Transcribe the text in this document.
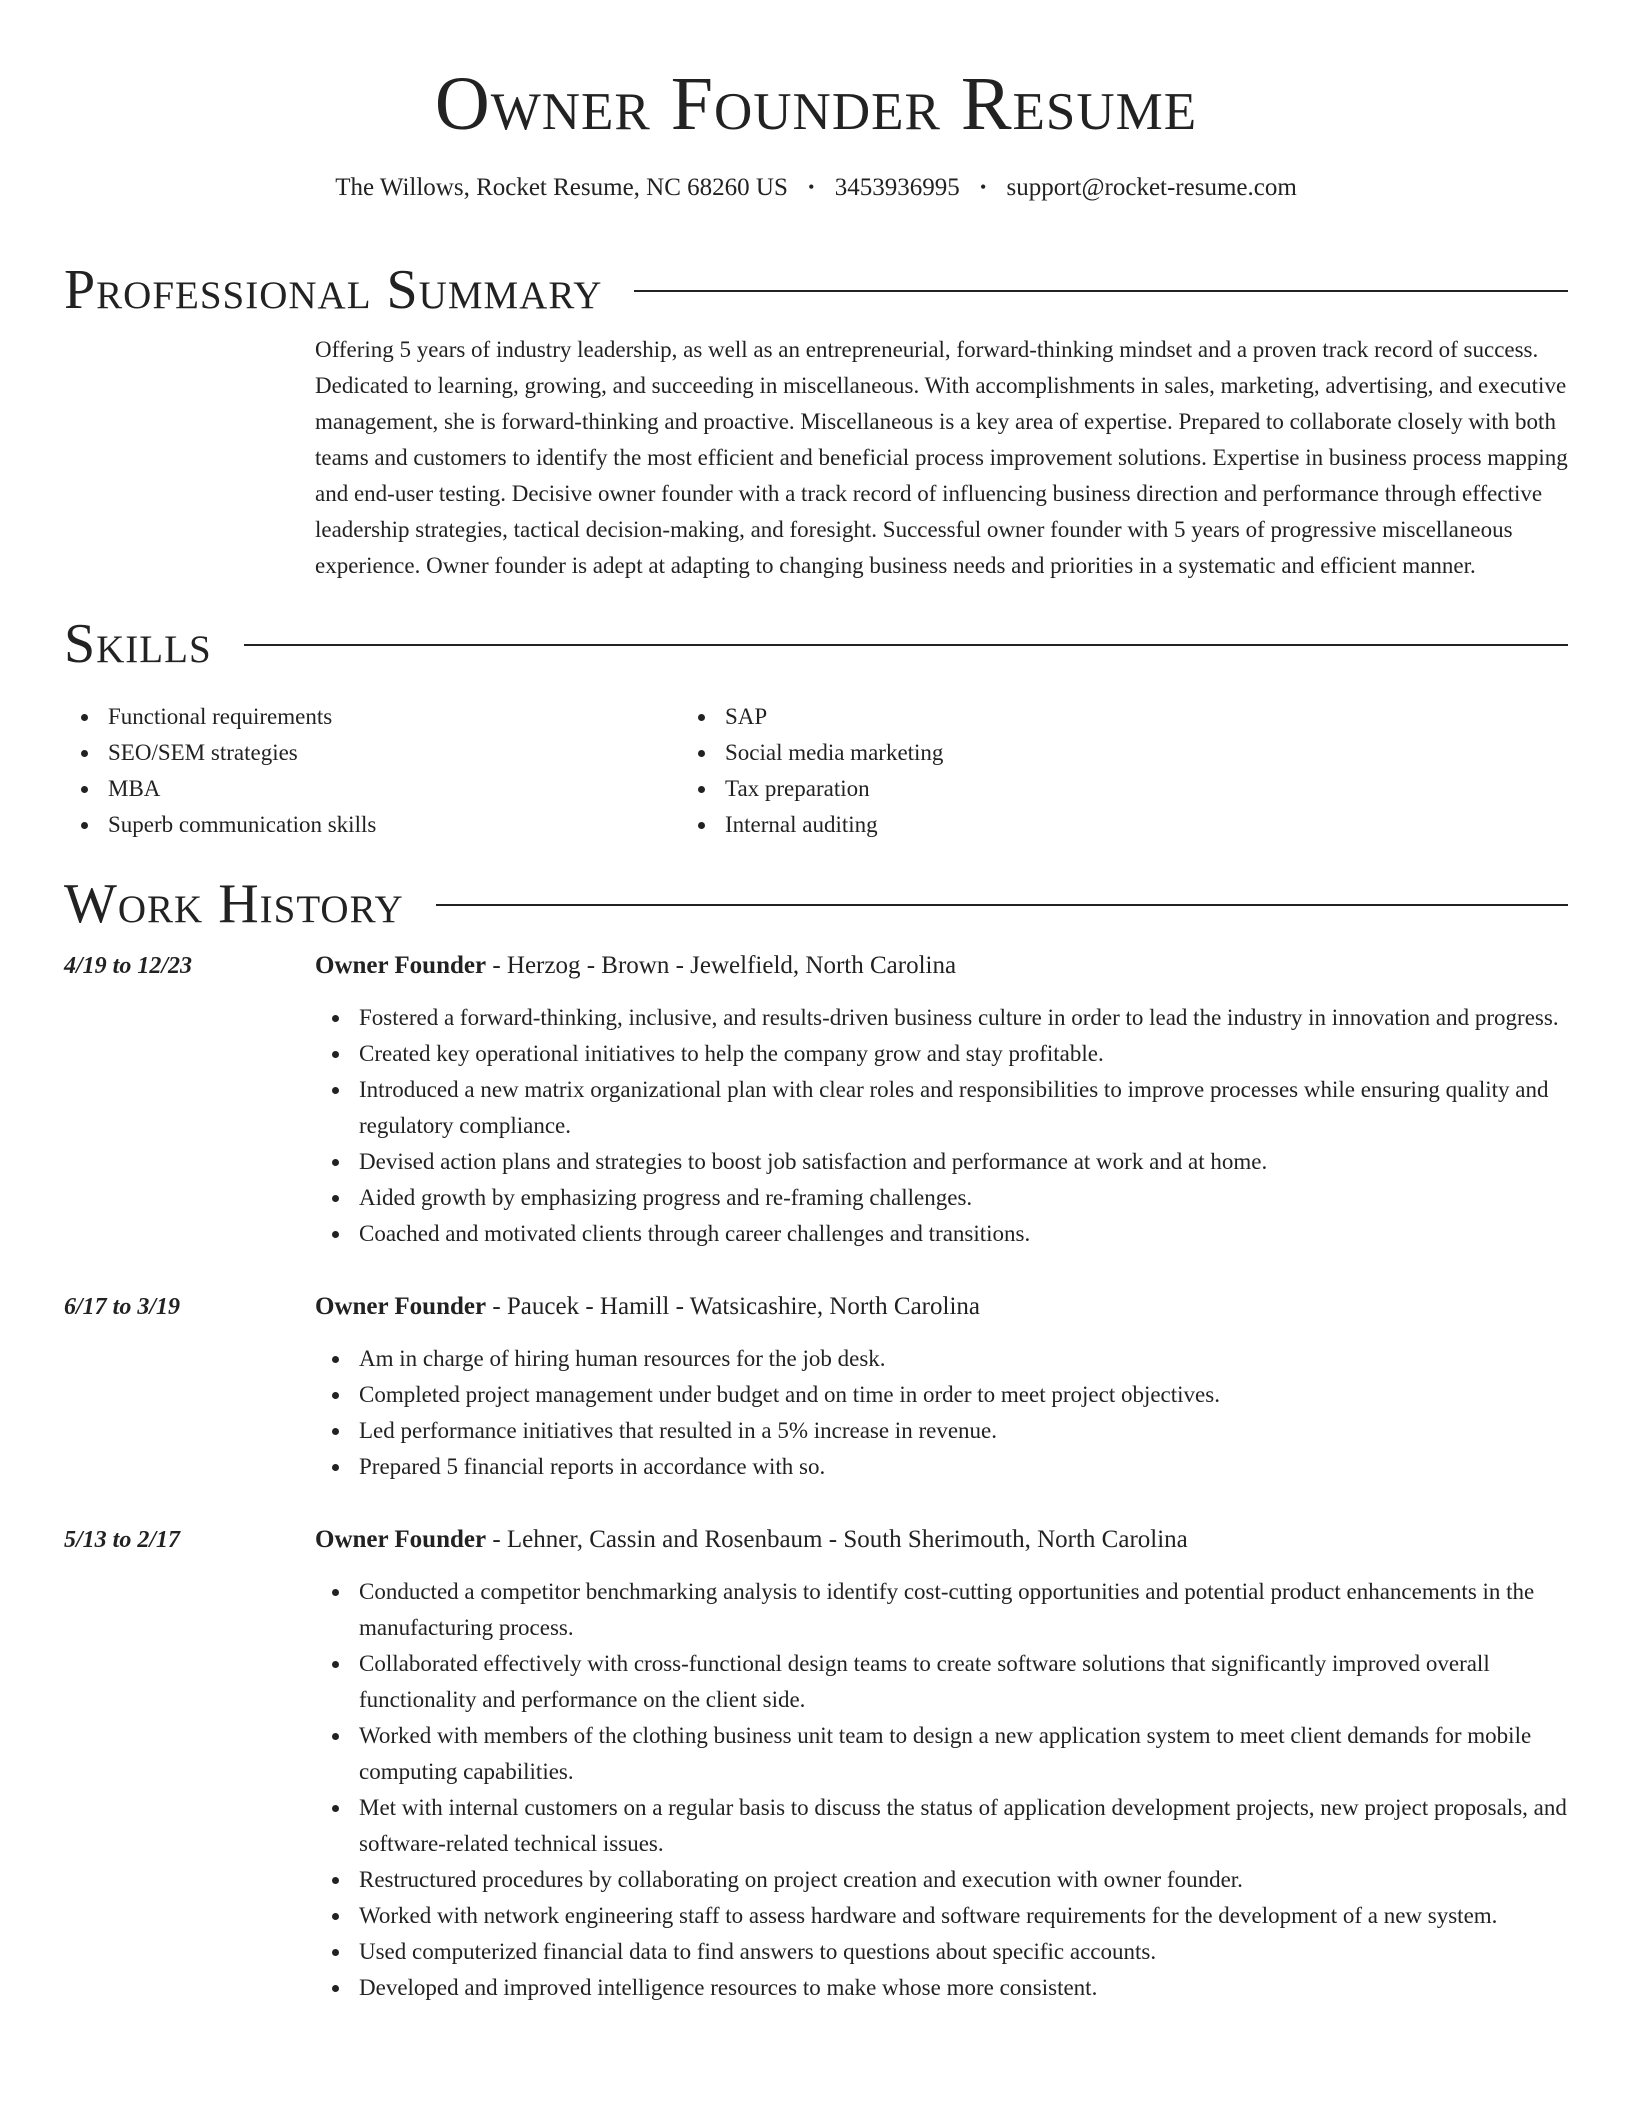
Owner Founder Resume
The Willows, Rocket Resume, NC 68260 US • 3453936995 • support@rocket-resume.com
Professional Summary

Offering 5 years of industry leadership, as well as an entrepreneurial, forward-thinking mindset and a proven track record of success. Dedicated to learning, growing, and succeeding in miscellaneous. With accomplishments in sales, marketing, advertising, and executive management, she is forward-thinking and proactive. Miscellaneous is a key area of expertise. Prepared to collaborate closely with both teams and customers to identify the most efficient and beneficial process improvement solutions. Expertise in business process mapping and end-user testing. Decisive owner founder with a track record of influencing business direction and performance through effective leadership strategies, tactical decision-making, and foresight. Successful owner founder with 5 years of progressive miscellaneous experience. Owner founder is adept at adapting to changing business needs and priorities in a systematic and efficient manner.

Skills
Functional requirements
SEO/SEM strategies
MBA
Superb communication skills
SAP
Social media marketing
Tax preparation
Internal auditing
Work History
4/19 to 12/23	Owner Founder - Herzog - Brown - Jewelfield, North Carolina
Fostered a forward-thinking, inclusive, and results-driven business culture in order to lead the industry in innovation and progress.
Created key operational initiatives to help the company grow and stay profitable.
Introduced a new matrix organizational plan with clear roles and responsibilities to improve processes while ensuring quality and regulatory compliance.
Devised action plans and strategies to boost job satisfaction and performance at work and at home.
Aided growth by emphasizing progress and re-framing challenges.
Coached and motivated clients through career challenges and transitions.
6/17 to 3/19	Owner Founder - Paucek - Hamill - Watsicashire, North Carolina
Am in charge of hiring human resources for the job desk.
Completed project management under budget and on time in order to meet project objectives.
Led performance initiatives that resulted in a 5% increase in revenue.
Prepared 5 financial reports in accordance with so.
5/13 to 2/17	Owner Founder - Lehner, Cassin and Rosenbaum - South Sherimouth, North Carolina
Conducted a competitor benchmarking analysis to identify cost-cutting opportunities and potential product enhancements in the manufacturing process.
Collaborated effectively with cross-functional design teams to create software solutions that significantly improved overall functionality and performance on the client side.
Worked with members of the clothing business unit team to design a new application system to meet client demands for mobile computing capabilities.
Met with internal customers on a regular basis to discuss the status of application development projects, new project proposals, and software-related technical issues.
Restructured procedures by collaborating on project creation and execution with owner founder.
Worked with network engineering staff to assess hardware and software requirements for the development of a new system.
Used computerized financial data to find answers to questions about specific accounts.
Developed and improved intelligence resources to make whose more consistent.
